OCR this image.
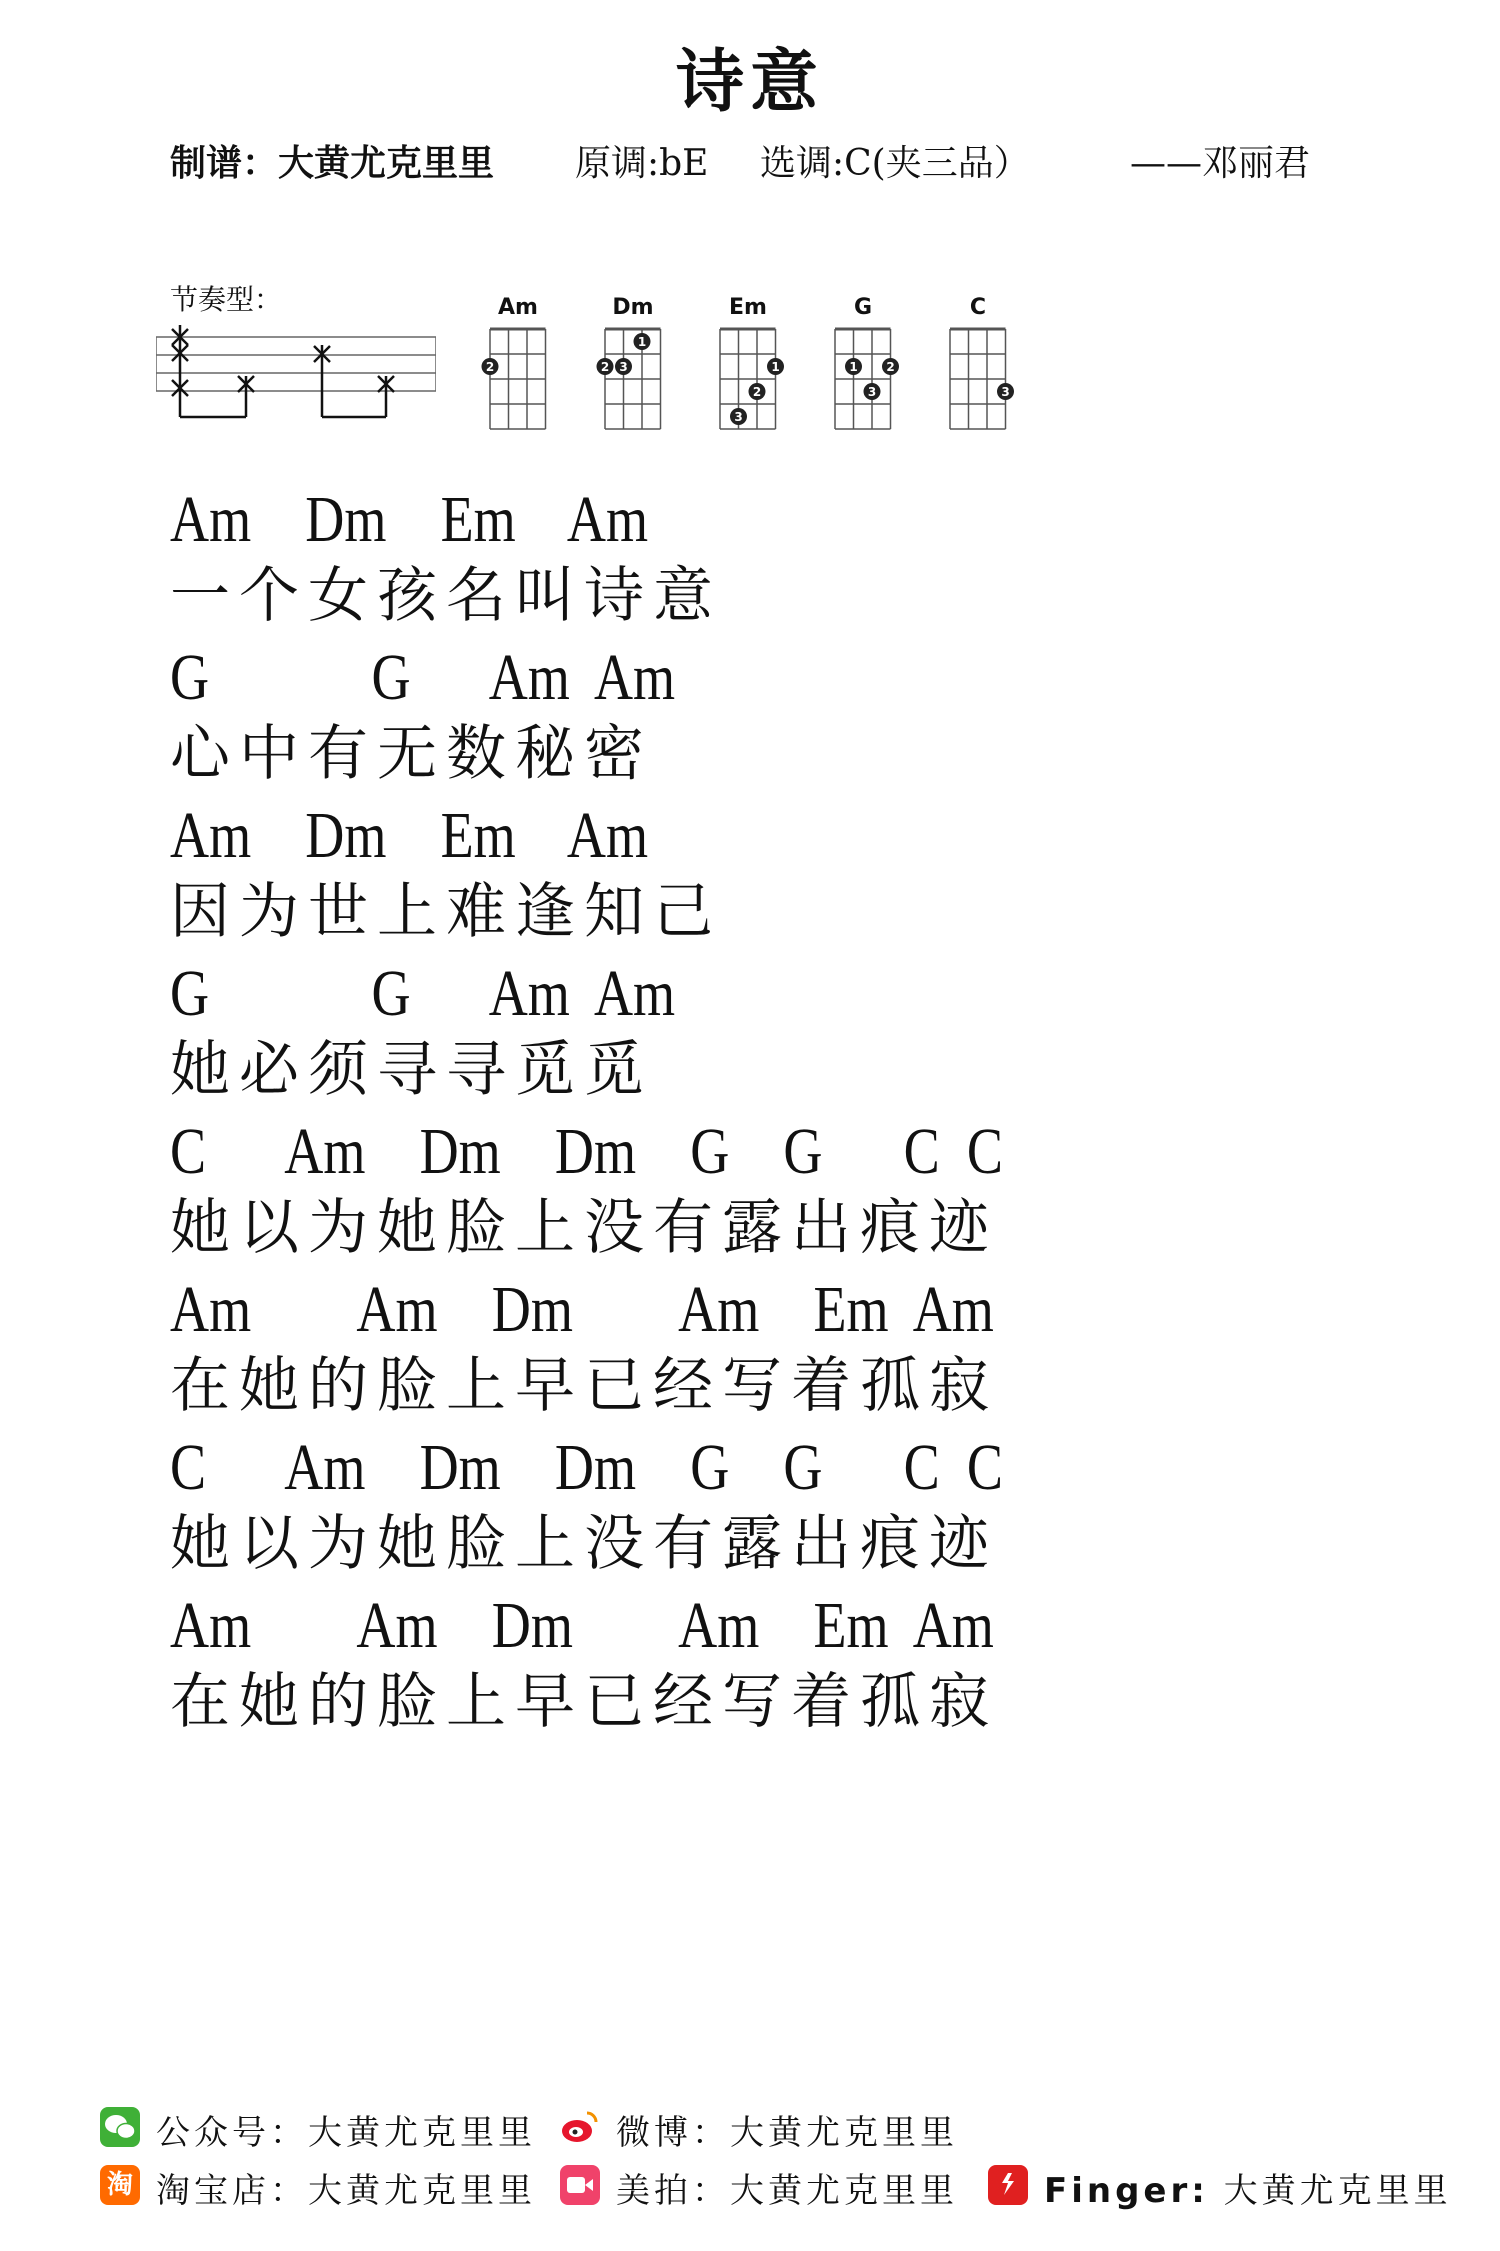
诗意
制谱：大黄尤克里里 原调:bE 选调:C(夹三品）	——邓丽君
节奏型：	Am
2
Dm
2 3
1
Em
3
2
1
G
1
3
2
C
3
Am    Dm    Em    Am
一个女孩名叫诗意
G            G      Am  Am
心中有无数秘密
Am    Dm    Em    Am
因为世上难逢知己
G            G      Am  Am
她必须寻寻觅觅
C      Am    Dm    Dm    G    G      C  C
她以为她脸上没有露出痕迹
Am        Am    Dm        Am    Em  Am
在她的脸上早已经写着孤寂
C      Am    Dm    Dm    G    G      C  C
她以为她脸上没有露出痕迹
Am        Am    Dm        Am    Em  Am
在她的脸上早已经写着孤寂
公众号：大黄尤克里里 微博：大黄尤克里里
淘 淘宝店：大黄尤克里里 美拍：大黄尤克里里	Finger: 大黄尤克里里
